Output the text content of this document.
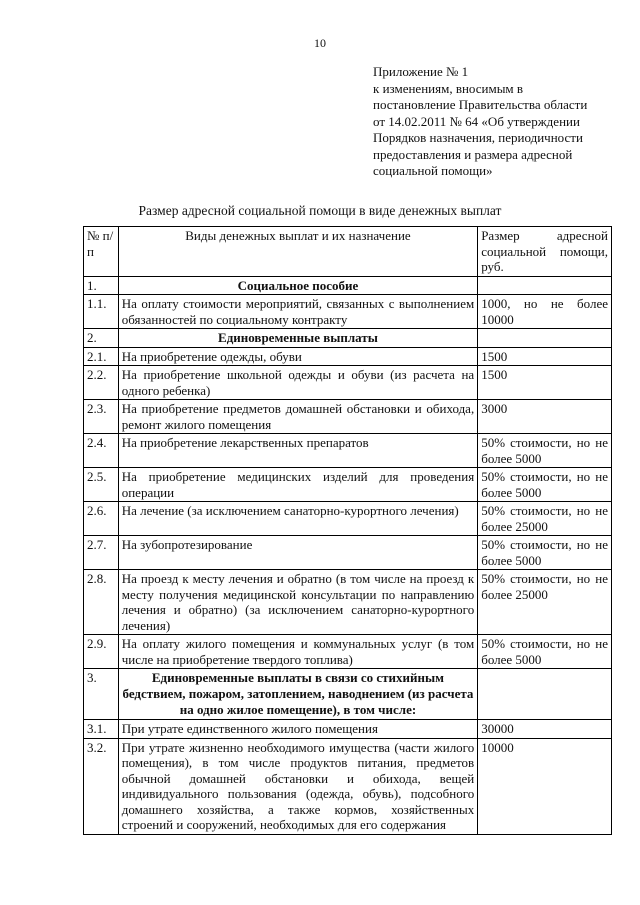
10
Приложение № 1
к изменениям, вносимым в
постановление Правительства области
от 14.02.2011 № 64 «Об утверждении
Порядков назначения, периодичности
предоставления и размера адресной
социальной помощи»
Размер адресной социальной помощи в виде денежных выплат
№ п/п	Виды денежных выплат и их назначение	Размер адресной социальной помощи, руб.
1.	Социальное пособие	
1.1.	На оплату стоимости мероприятий, связанных с выполнением обязанностей по социальному контракту	1000, но не более 10000
2.	Единовременные выплаты	
2.1.	На приобретение одежды, обуви	1500
2.2.	На приобретение школьной одежды и обуви (из расчета на одного ребенка)	1500
2.3.	На приобретение предметов домашней обстановки и обихода, ремонт жилого помещения	3000
2.4.	На приобретение лекарственных препаратов	50% стоимости, но не более 5000
2.5.	На приобретение медицинских изделий для проведения операции	50% стоимости, но не более 5000
2.6.	На лечение (за исключением санаторно-курортного лечения)	50% стоимости, но не более 25000
2.7.	На зубопротезирование	50% стоимости, но не более 5000
2.8.	На проезд к месту лечения и обратно (в том числе на проезд к месту получения медицинской консультации по направлению лечения и обратно) (за исключением санаторно-курортного лечения)	50% стоимости, но не более 25000
2.9.	На оплату жилого помещения и коммунальных услуг (в том числе на приобретение твердого топлива)	50% стоимости, но не более 5000
3.	Единовременные выплаты в связи со стихийным бедствием, пожаром, затоплением, наводнением (из расчета на одно жилое помещение), в том числе:	
3.1.	При утрате единственного жилого помещения	30000
3.2.	При утрате жизненно необходимого имущества (части жилого помещения), в том числе продуктов питания, предметов обычной домашней обстановки и обихода, вещей индивидуального пользования (одежда, обувь), подсобного домашнего хозяйства, а также кормов, хозяйственных строений и сооружений, необходимых для его содержания	10000
